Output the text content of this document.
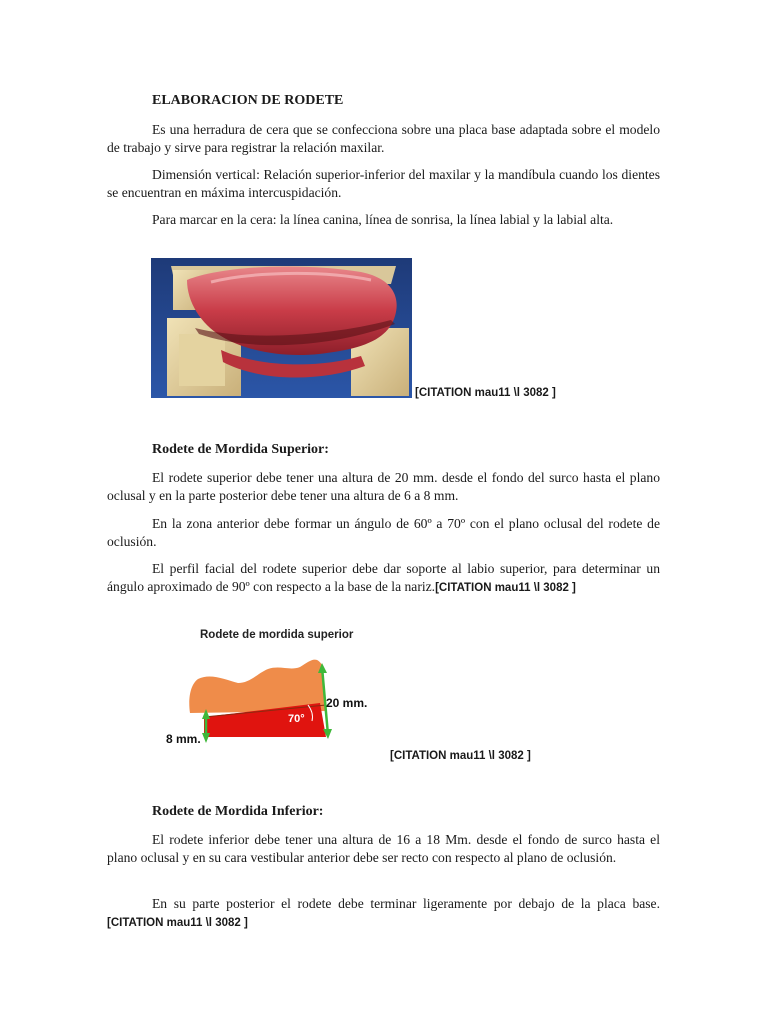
ELABORACION DE RODETE

Es una herradura de cera que se confecciona sobre una placa base adaptada sobre el modelo de trabajo y sirve para registrar la relación maxilar.

Dimensión vertical: Relación superior-inferior del maxilar y la mandíbula cuando los dientes se encuentran en máxima intercuspidación.

Para marcar en la cera: la línea canina, línea de sonrisa, la línea labial y la labial alta.

[CITATION mau11 \l 3082 ]

Rodete de Mordida Superior:

El rodete superior debe tener una altura de 20 mm. desde el fondo del surco hasta el plano oclusal y en la parte posterior debe tener una altura de 6 a 8 mm.

En la zona anterior debe formar un ángulo de 60º a 70º con el plano oclusal del rodete de oclusión.

El perfil facial del rodete superior debe dar soporte al labio superior, para determinar un ángulo aproximado de 90º con respecto a la base de la nariz.[CITATION mau11 \l 3082 ]

Rodete de mordida superior
70°
20 mm.
8 mm.
[CITATION mau11 \l 3082 ]

Rodete de Mordida Inferior:

El rodete inferior debe tener una altura de 16 a 18 Mm. desde el fondo de surco hasta el plano oclusal y en su cara vestibular anterior debe ser recto con respecto al plano de oclusión.

En su parte posterior el rodete debe terminar ligeramente por debajo de la placa base.[CITATION mau11 \l 3082 ]
